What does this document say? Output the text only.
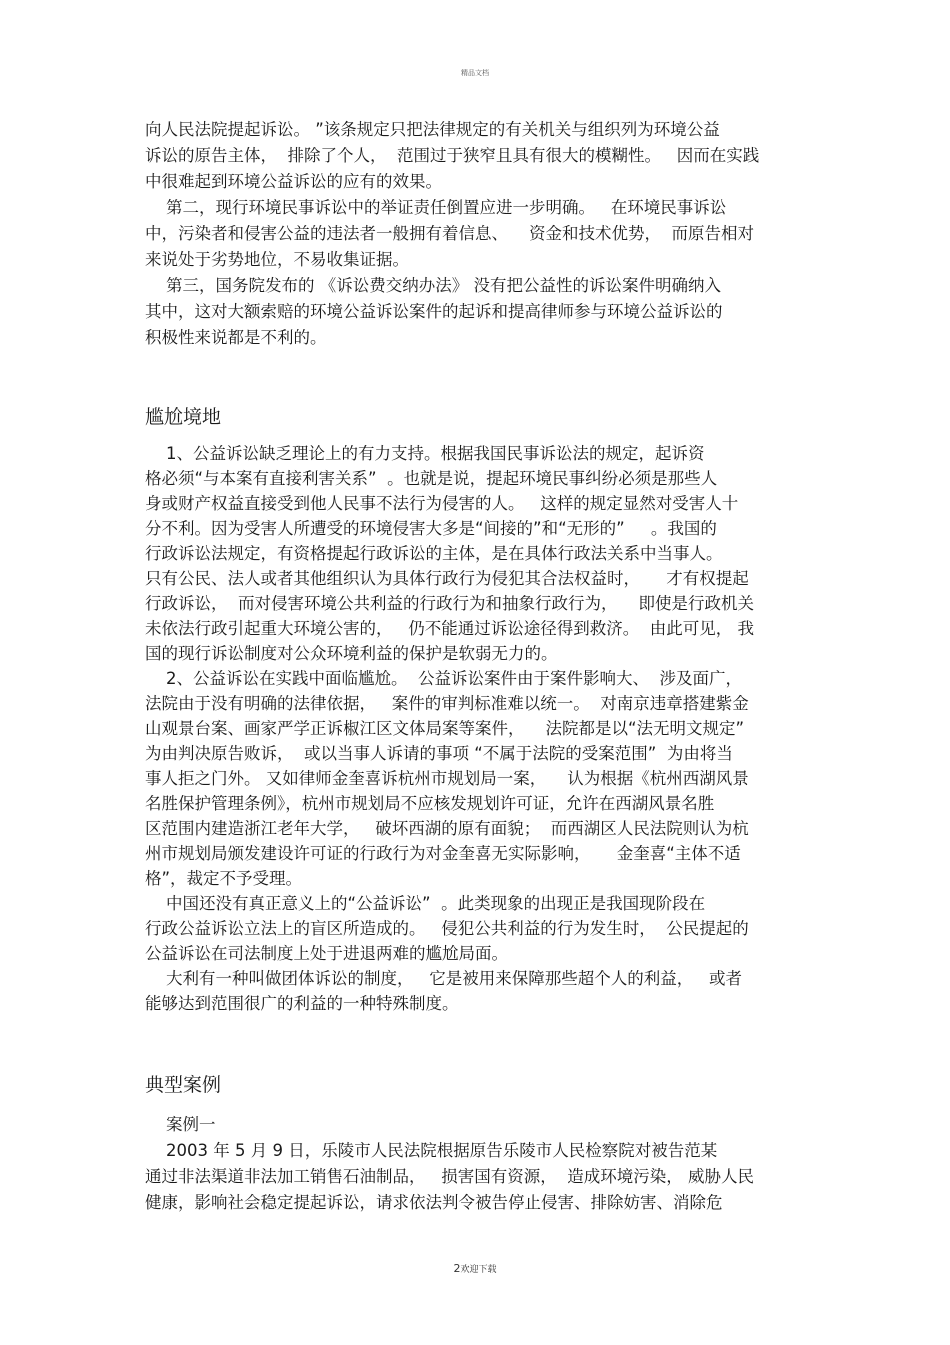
精品文档
向人民法院提起诉讼。 ”该条规定只把法律规定的有关机关与组织列为环境公益
诉讼的原告主体，  排除了个人，  范围过于狭窄且具有很大的模糊性。   因而在实践
中很难起到环境公益诉讼的应有的效果。
第二，现行环境民事诉讼中的举证责任倒置应进一步明确。   在环境民事诉讼
中，污染者和侵害公益的违法者一般拥有着信息、    资金和技术优势，  而原告相对
来说处于劣势地位，不易收集证据。
第三，国务院发布的 《诉讼费交纳办法》 没有把公益性的诉讼案件明确纳入
其中，这对大额索赔的环境公益诉讼案件的起诉和提高律师参与环境公益诉讼的
积极性来说都是不利的。
尴尬境地
1、公益诉讼缺乏理论上的有力支持。根据我国民事诉讼法的规定，起诉资
格必须“与本案有直接利害关系”  。也就是说，提起环境民事纠纷必须是那些人
身或财产权益直接受到他人民事不法行为侵害的人。   这样的规定显然对受害人十
分不利。因为受害人所遭受的环境侵害大多是“间接的”和“无形的”     。我国的
行政诉讼法规定，有资格提起行政诉讼的主体，是在具体行政法关系中当事人。
只有公民、法人或者其他组织认为具体行政行为侵犯其合法权益时，     才有权提起
行政诉讼，  而对侵害环境公共利益的行政行为和抽象行政行为，    即使是行政机关
未依法行政引起重大环境公害的，   仍不能通过诉讼途径得到救济。  由此可见， 我
国的现行诉讼制度对公众环境利益的保护是软弱无力的。
2、公益诉讼在实践中面临尴尬。  公益诉讼案件由于案件影响大、  涉及面广，
法院由于没有明确的法律依据，   案件的审判标准难以统一。  对南京违章搭建紫金
山观景台案、画家严学正诉椒江区文体局案等案件，    法院都是以“法无明文规定”
为由判决原告败诉，  或以当事人诉请的事项 “不属于法院的受案范围”  为由将当
事人拒之门外。 又如律师金奎喜诉杭州市规划局一案，    认为根据《杭州西湖风景
名胜保护管理条例》，杭州市规划局不应核发规划许可证，允许在西湖风景名胜
区范围内建造浙江老年大学，   破坏西湖的原有面貌；  而西湖区人民法院则认为杭
州市规划局颁发建设许可证的行政行为对金奎喜无实际影响，     金奎喜“主体不适
格”，裁定不予受理。
中国还没有真正意义上的“公益诉讼”  。此类现象的出现正是我国现阶段在
行政公益诉讼立法上的盲区所造成的。   侵犯公共利益的行为发生时，  公民提起的
公益诉讼在司法制度上处于进退两难的尴尬局面。
大利有一种叫做团体诉讼的制度，   它是被用来保障那些超个人的利益，   或者
能够达到范围很广的利益的一种特殊制度。
典型案例
案例一
2003 年 5 月 9 日，乐陵市人民法院根据原告乐陵市人民检察院对被告范某
通过非法渠道非法加工销售石油制品，   损害国有资源，  造成环境污染， 威胁人民
健康，影响社会稳定提起诉讼，请求依法判令被告停止侵害、排除妨害、消除危
2欢迎下载
